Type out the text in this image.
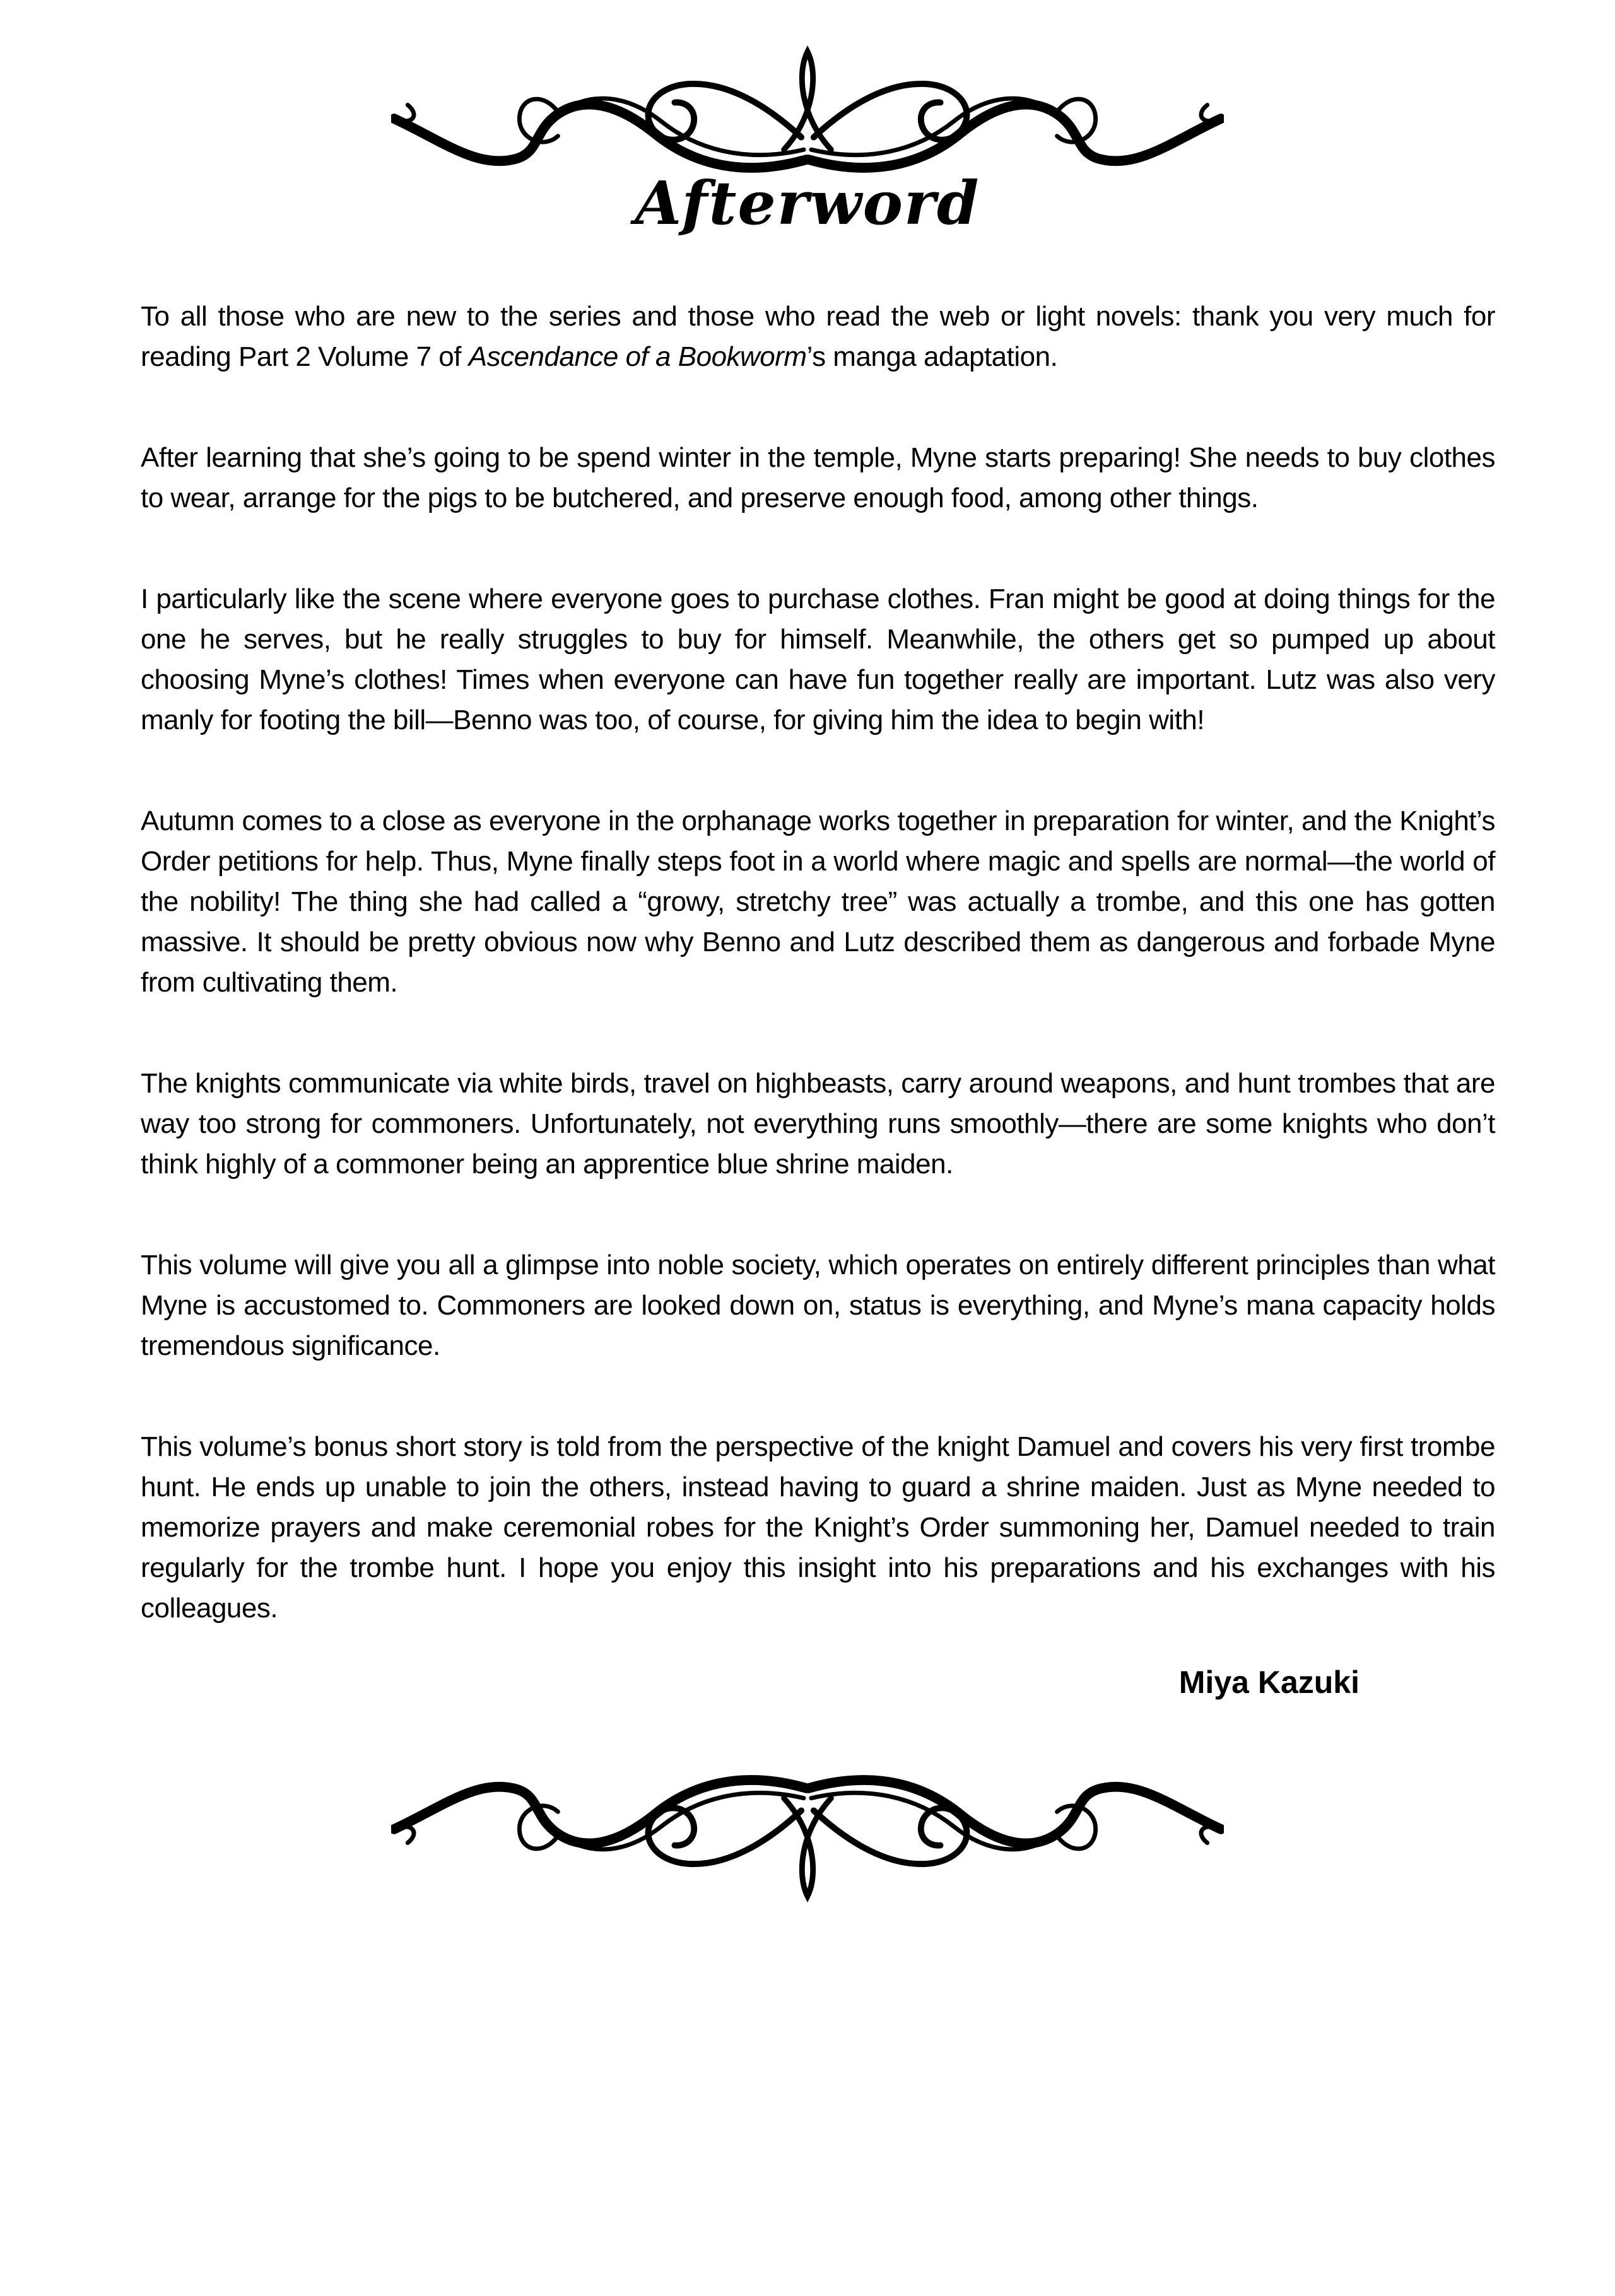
Afterword

To all those who are new to the series and those who read the web or light novels: thank you very much for reading Part 2 Volume 7 of Ascendance of a Bookworm’s manga adaptation.

After learning that she’s going to be spend winter in the temple, Myne starts preparing! She needs to buy clothes to wear, arrange for the pigs to be butchered, and preserve enough food, among other things.

I particularly like the scene where everyone goes to purchase clothes. Fran might be good at doing things for the one he serves, but he really struggles to buy for himself. Meanwhile, the others get so pumped up about choosing Myne’s clothes! Times when everyone can have fun together really are important. Lutz was also very manly for footing the bill—Benno was too, of course, for giving him the idea to begin with!

Autumn comes to a close as everyone in the orphanage works together in preparation for winter, and the Knight’s Order petitions for help. Thus, Myne finally steps foot in a world where magic and spells are normal—the world of the nobility! The thing she had called a “growy, stretchy tree” was actually a trombe, and this one has gotten massive. It should be pretty obvious now why Benno and Lutz described them as dangerous and forbade Myne from cultivating them.

The knights communicate via white birds, travel on highbeasts, carry around weapons, and hunt trombes that are way too strong for commoners. Unfortunately, not everything runs smoothly—there are some knights who don’t think highly of a commoner being an apprentice blue shrine maiden.

This volume will give you all a glimpse into noble society, which operates on entirely different principles than what Myne is accustomed to. Commoners are looked down on, status is everything, and Myne’s mana capacity holds tremendous significance.

This volume’s bonus short story is told from the perspective of the knight Damuel and covers his very first trombe hunt. He ends up unable to join the others, instead having to guard a shrine maiden. Just as Myne needed to memorize prayers and make ceremonial robes for the Knight’s Order summoning her, Damuel needed to train regularly for the trombe hunt. I hope you enjoy this insight into his preparations and his exchanges with his colleagues.

Miya Kazuki
